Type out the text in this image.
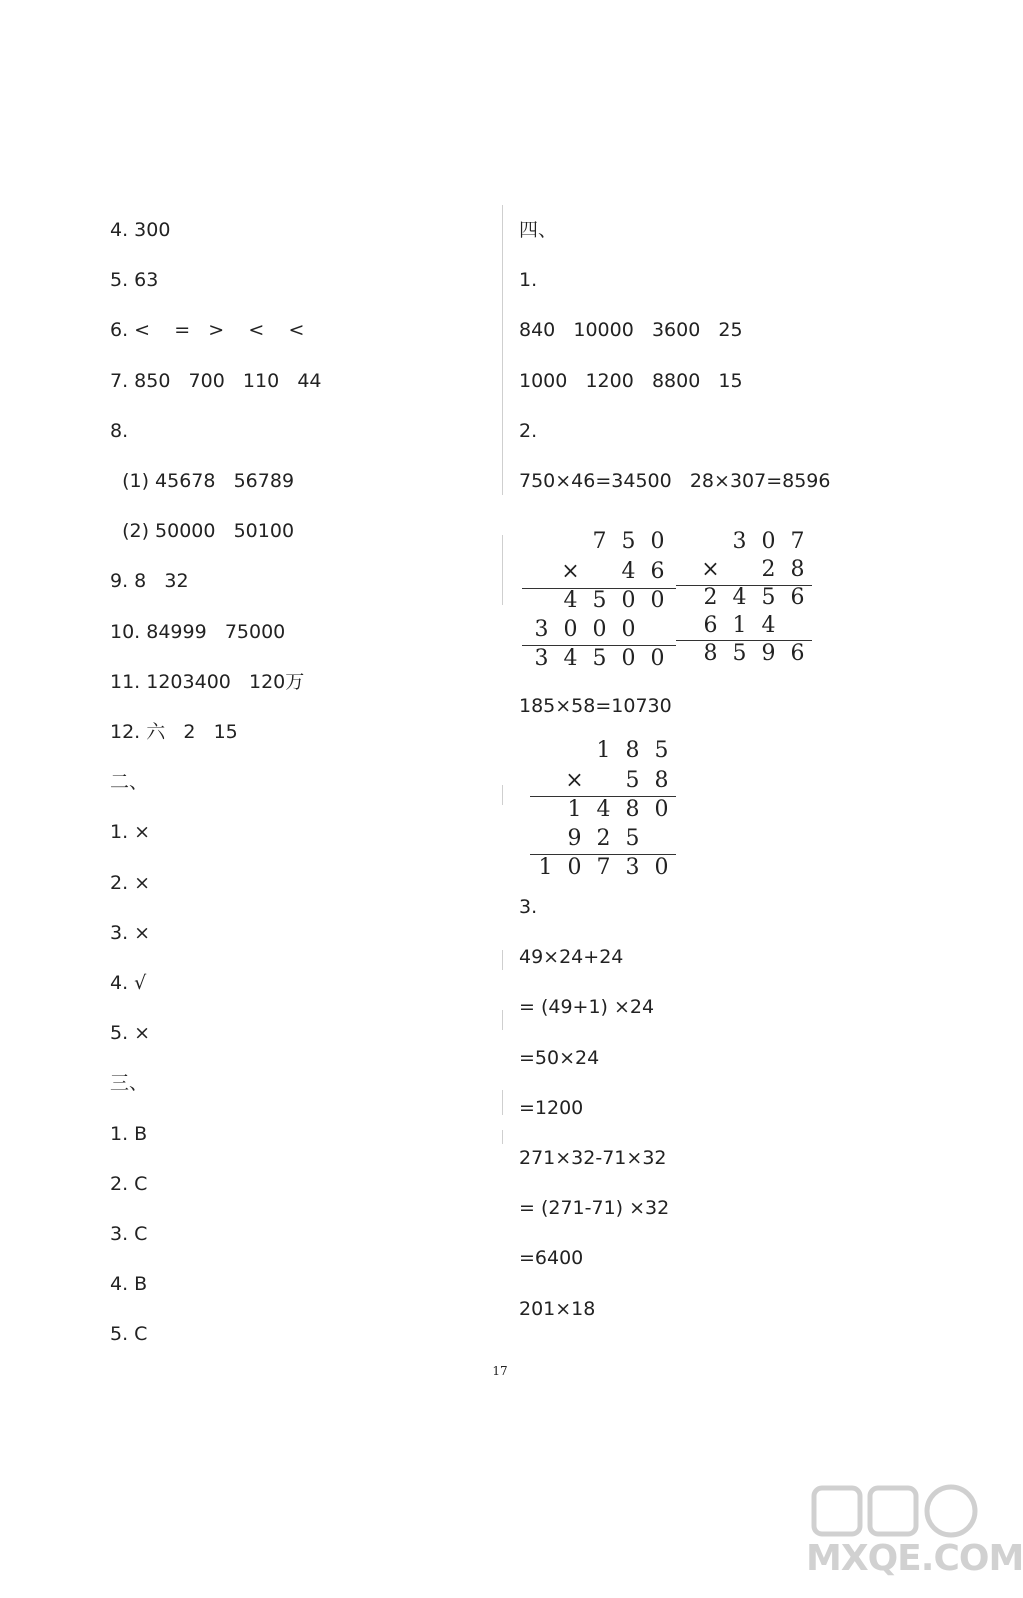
4. 300
5. 63
6. <    =   >    <    <
7. 850   700   110   44
8.
(1) 45678   56789
(2) 50000   50100
9. 8   32
10. 84999   75000
11. 1203400   120万
12. 六   2   15
二、
1. ×
2. ×
3. ×
4. √
5. ×
三、
1. B
2. C
3. C
4. B
5. C
四、
1.
840   10000   3600   25
1000   1200   8800   15
2.
750×46=34500   28×307=8596
3.
49×24+24
= (49+1) ×24
=50×24
=1200
271×32-71×32
= (271-71) ×32
=6400
201×18
185×58=10730
7 5 0
× 4 6
4 5 0 0
3 0 0 0
3 4 5 0 0
3 0 7
× 2 8
2 4 5 6
6 1 4
8 5 9 6
1 8 5
× 5 8
1 4 8 0
9 2 5
1 0 7 3 0
17
MXQE.COM
